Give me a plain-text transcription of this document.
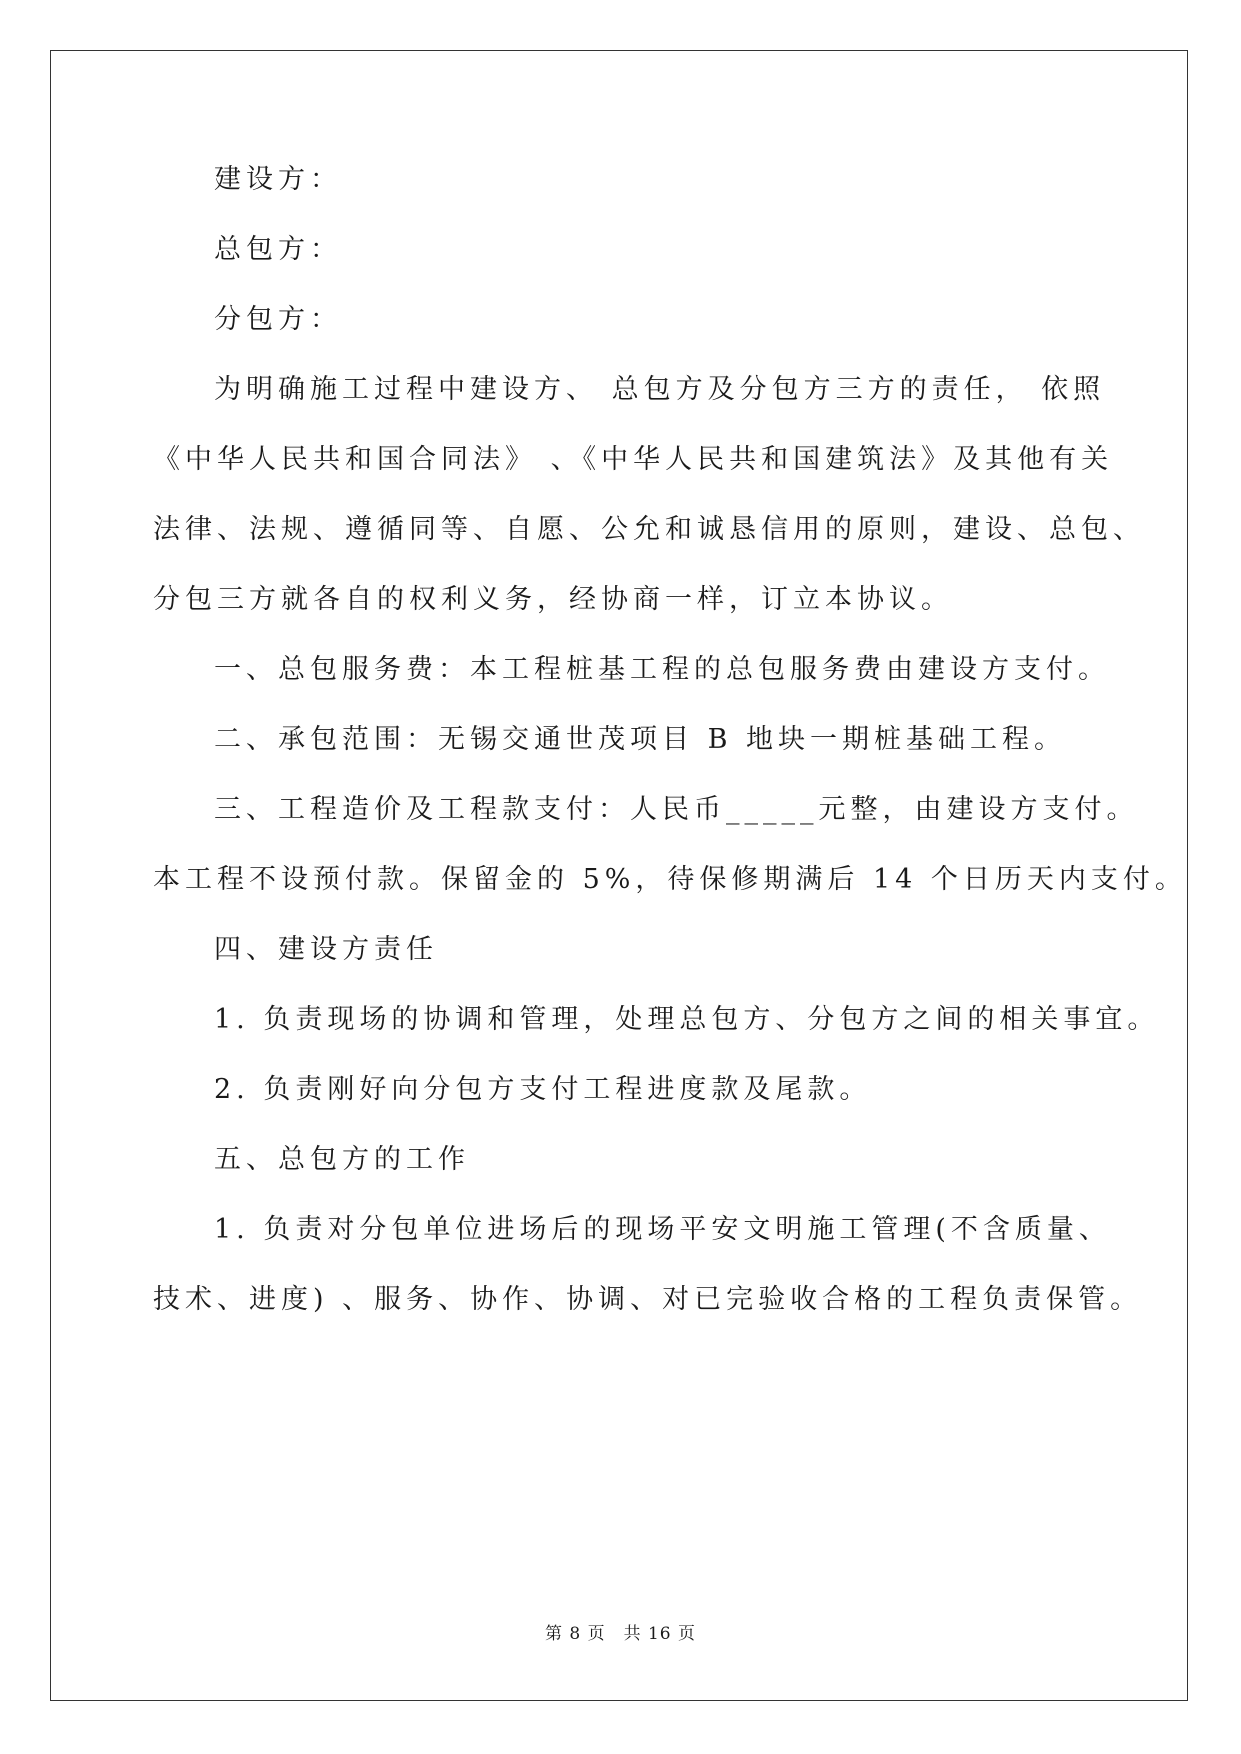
建设方：
总包方：
分包方：
为明确施工过程中建设方、 总包方及分包方三方的责任， 依照
《中华人民共和国合同法》 、《中华人民共和国建筑法》及其他有关
法律、法规、遵循同等、自愿、公允和诚恳信用的原则，建设、总包、
分包三方就各自的权利义务，经协商一样，订立本协议。
一、总包服务费：本工程桩基工程的总包服务费由建设方支付。
二、承包范围：无锡交通世茂项目 B 地块一期桩基础工程。
三、工程造价及工程款支付：人民币_____元整，由建设方支付。
本工程不设预付款。保留金的 5%，待保修期满后 14 个日历天内支付。
四、建设方责任
1. 负责现场的协调和管理，处理总包方、分包方之间的相关事宜。
2. 负责刚好向分包方支付工程进度款及尾款。
五、总包方的工作
1. 负责对分包单位进场后的现场平安文明施工管理(不含质量、
技术、进度) 、服务、协作、协调、对已完验收合格的工程负责保管。
第 8 页　共 16 页
